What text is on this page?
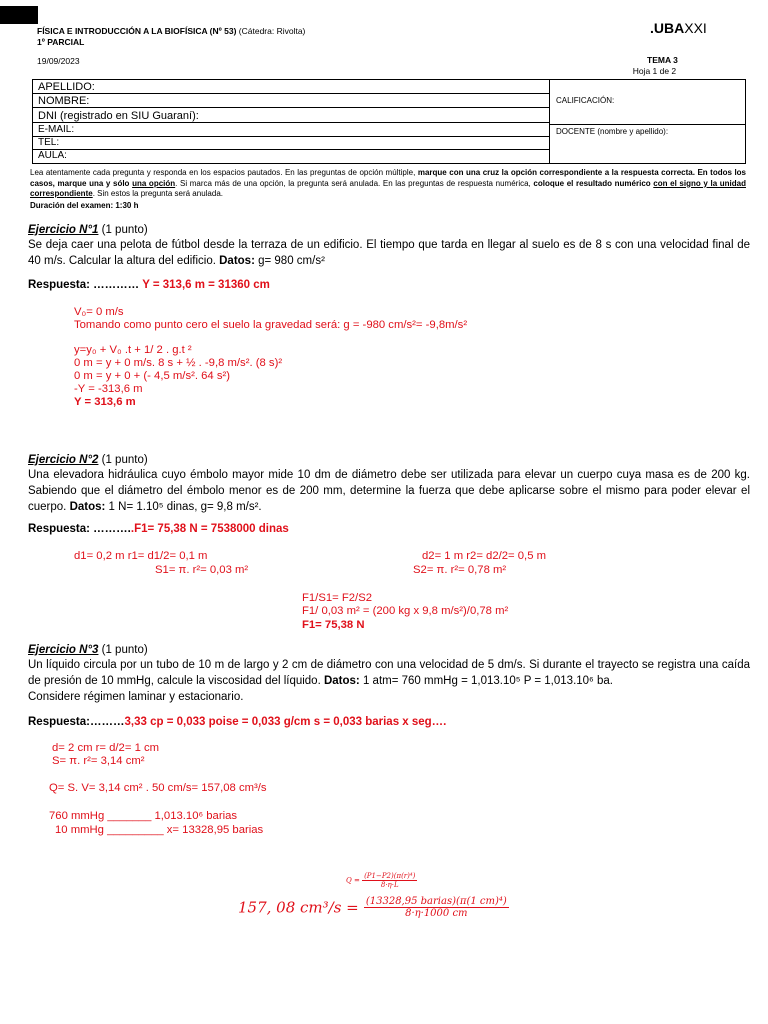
FÍSICA E INTRODUCCIÓN A LA BIOFÍSICA (Nº 53) (Cátedra: Rivolta)
1º PARCIAL
19/09/2023
.UBAXXI
TEMA 3
Hoja 1 de 2
APELLIDO:
NOMBRE:
DNI (registrado en SIU Guaraní):
E-MAIL:
TEL:
AULA:
CALIFICACIÓN:
DOCENTE (nombre y apellido):
Lea atentamente cada pregunta y responda en los espacios pautados. En las preguntas de opción múltiple, marque con una cruz la opción correspondiente a la respuesta correcta. En todos los casos, marque una y sólo una opción. Si marca más de una opción, la pregunta será anulada. En las preguntas de respuesta numérica, coloque el resultado numérico con el signo y la unidad correspondiente. Sin estos la pregunta será anulada.
Duración del examen: 1:30 h
Ejercicio N°1 (1 punto)
Se deja caer una pelota de fútbol desde la terraza de un edificio. El tiempo que tarda en llegar al suelo es de 8 s con una velocidad final de 40 m/s. Calcular la altura del edificio. Datos: g= 980 cm/s²
Respuesta: ………… Y = 313,6 m = 31360 cm
V₀= 0 m/s
Tomando como punto cero el suelo la gravedad será: g = -980 cm/s²= -9,8m/s²
y=y₀ + V₀ .t + 1/ 2 . g.t ²
0 m = y + 0 m/s. 8 s + ½ . -9,8 m/s². (8 s)²
0 m = y + 0 + (- 4,5 m/s². 64 s²)
-Y = -313,6 m
Y = 313,6 m
Ejercicio N°2 (1 punto)
Una elevadora hidráulica cuyo émbolo mayor mide 10 dm de diámetro debe ser utilizada para elevar un cuerpo cuya masa es de 200 kg. Sabiendo que el diámetro del émbolo menor es de 200 mm, determine la fuerza que debe aplicarse sobre el mismo para poder elevar el cuerpo. Datos: 1 N= 1.10⁵ dinas, g= 9,8 m/s².
Respuesta: ………..F1= 75,38 N = 7538000 dinas
d1= 0,2 m r1= d1/2= 0,1 m
S1= π. r²= 0,03 m²
d2= 1 m r2= d2/2= 0,5 m
S2= π. r²= 0,78 m²
F1/S1= F2/S2
F1/ 0,03 m² = (200 kg x 9,8 m/s²)/0,78 m²
F1= 75,38 N
Ejercicio N°3 (1 punto)
Un líquido circula por un tubo de 10 m de largo y 2 cm de diámetro con una velocidad de 5 dm/s. Si durante el trayecto se registra una caída de presión de 10 mmHg, calcule la viscosidad del líquido. Datos: 1 atm= 760 mmHg = 1,013.10⁵ P = 1,013.10⁶ ba.
Considere régimen laminar y estacionario.
Respuesta:………3,33 cp = 0,033 poise = 0,033 g/cm s = 0,033 barias x seg….
d= 2 cm r= d/2= 1 cm
S= π. r²= 3,14 cm²
Q= S. V= 3,14 cm² . 50 cm/s= 157,08 cm³/s
760 mmHg _______ 1,013.10⁶ barias
10 mmHg _________ x= 13328,95 barias
$Q = \frac{\text{(P1−P2)(π(r)⁴)}}{8\cdot\eta\cdot L}$
157, 08 $cm^3/s = \frac{\text{(13328,95 barias)(π(1 cm)⁴)}}{8\cdot\eta\cdot 1000 cm}$
